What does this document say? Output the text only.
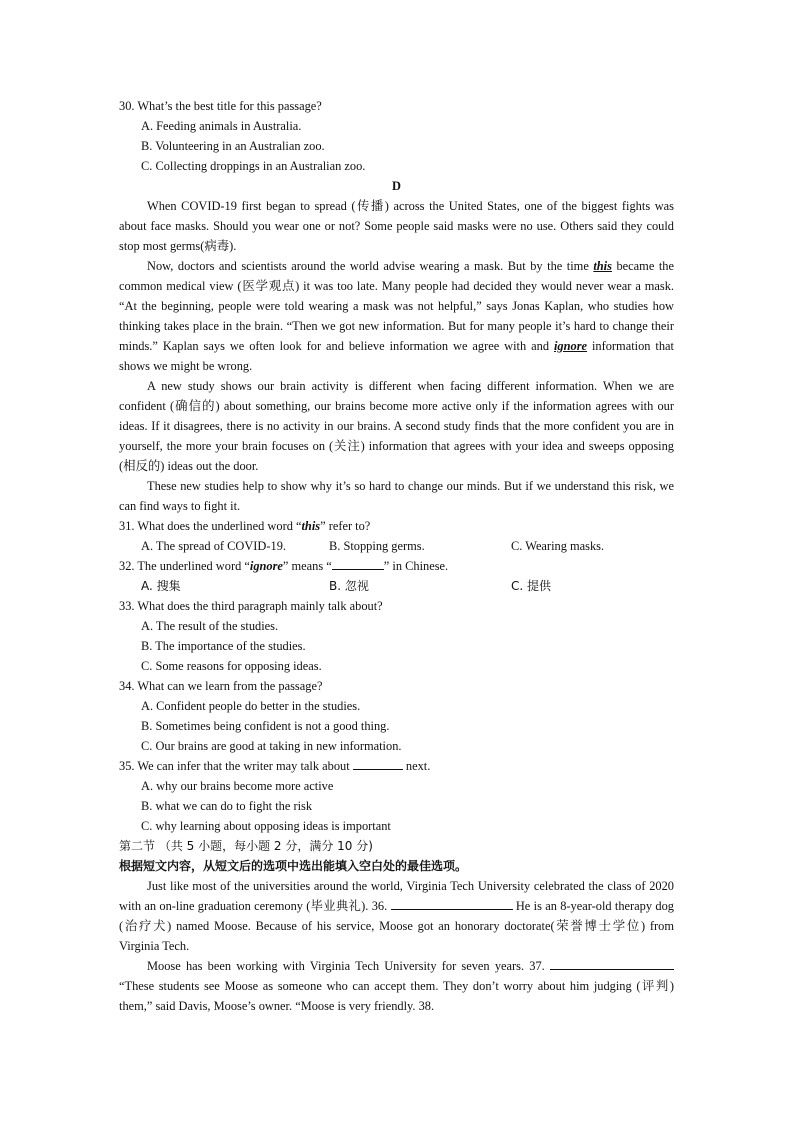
30. What’s the best title for this passage?
A. Feeding animals in Australia.
B. Volunteering in an Australian zoo.
C. Collecting droppings in an Australian zoo.
D

When COVID-19 first began to spread (传播) across the United States, one of the biggest fights was about face masks. Should you wear one or not? Some people said masks were no use. Others said they could stop most germs(病毒).

Now, doctors and scientists around the world advise wearing a mask. But by the time this became the common medical view (医学观点) it was too late. Many people had decided they would never wear a mask. “At the beginning, people were told wearing a mask was not helpful,” says Jonas Kaplan, who studies how thinking takes place in the brain. “Then we got new information. But for many people it’s hard to change their minds.” Kaplan says we often look for and believe information we agree with and ignore information that shows we might be wrong.

A new study shows our brain activity is different when facing different information. When we are confident (确信的) about something, our brains become more active only if the information agrees with our ideas. If it disagrees, there is no activity in our brains. A second study finds that the more confident you are in yourself, the more your brain focuses on (关注) information that agrees with your idea and sweeps opposing (相反的) ideas out the door.

These new studies help to show why it’s so hard to change our minds. But if we understand this risk, we can find ways to fight it.

31. What does the underlined word “this” refer to?
A. The spread of COVID-19.	B. Stopping germs.	C. Wearing masks.
32. The underlined word “ignore” means “	” in Chinese.
A. 搜集	B. 忽视	C. 提供
33. What does the third paragraph mainly talk about?
A. The result of the studies.
B. The importance of the studies.
C. Some reasons for opposing ideas.
34. What can we learn from the passage?
A. Confident people do better in the studies.
B. Sometimes being confident is not a good thing.
C. Our brains are good at taking in new information.
35. We can infer that the writer may talk about	next.
A. why our brains become more active
B. what we can do to fight the risk
C. why learning about opposing ideas is important
第二节 （共 5 小题，每小题 2 分，满分 10 分)
根据短文内容，从短文后的选项中选出能填入空白处的最佳选项。

Just like most of the universities around the world, Virginia Tech University celebrated the class of 2020 with an on-line graduation ceremony (毕业典礼). 36.	He is an 8-year-old therapy dog (治疗犬) named Moose. Because of his service, Moose got an honorary doctorate(荣誉博士学位) from Virginia Tech.

Moose has been working with Virginia Tech University for seven years. 37.  “These students see Moose as someone who can accept them. They don’t worry about him judging (评判) them,” said Davis, Moose’s owner. “Moose is very friendly. 38.
